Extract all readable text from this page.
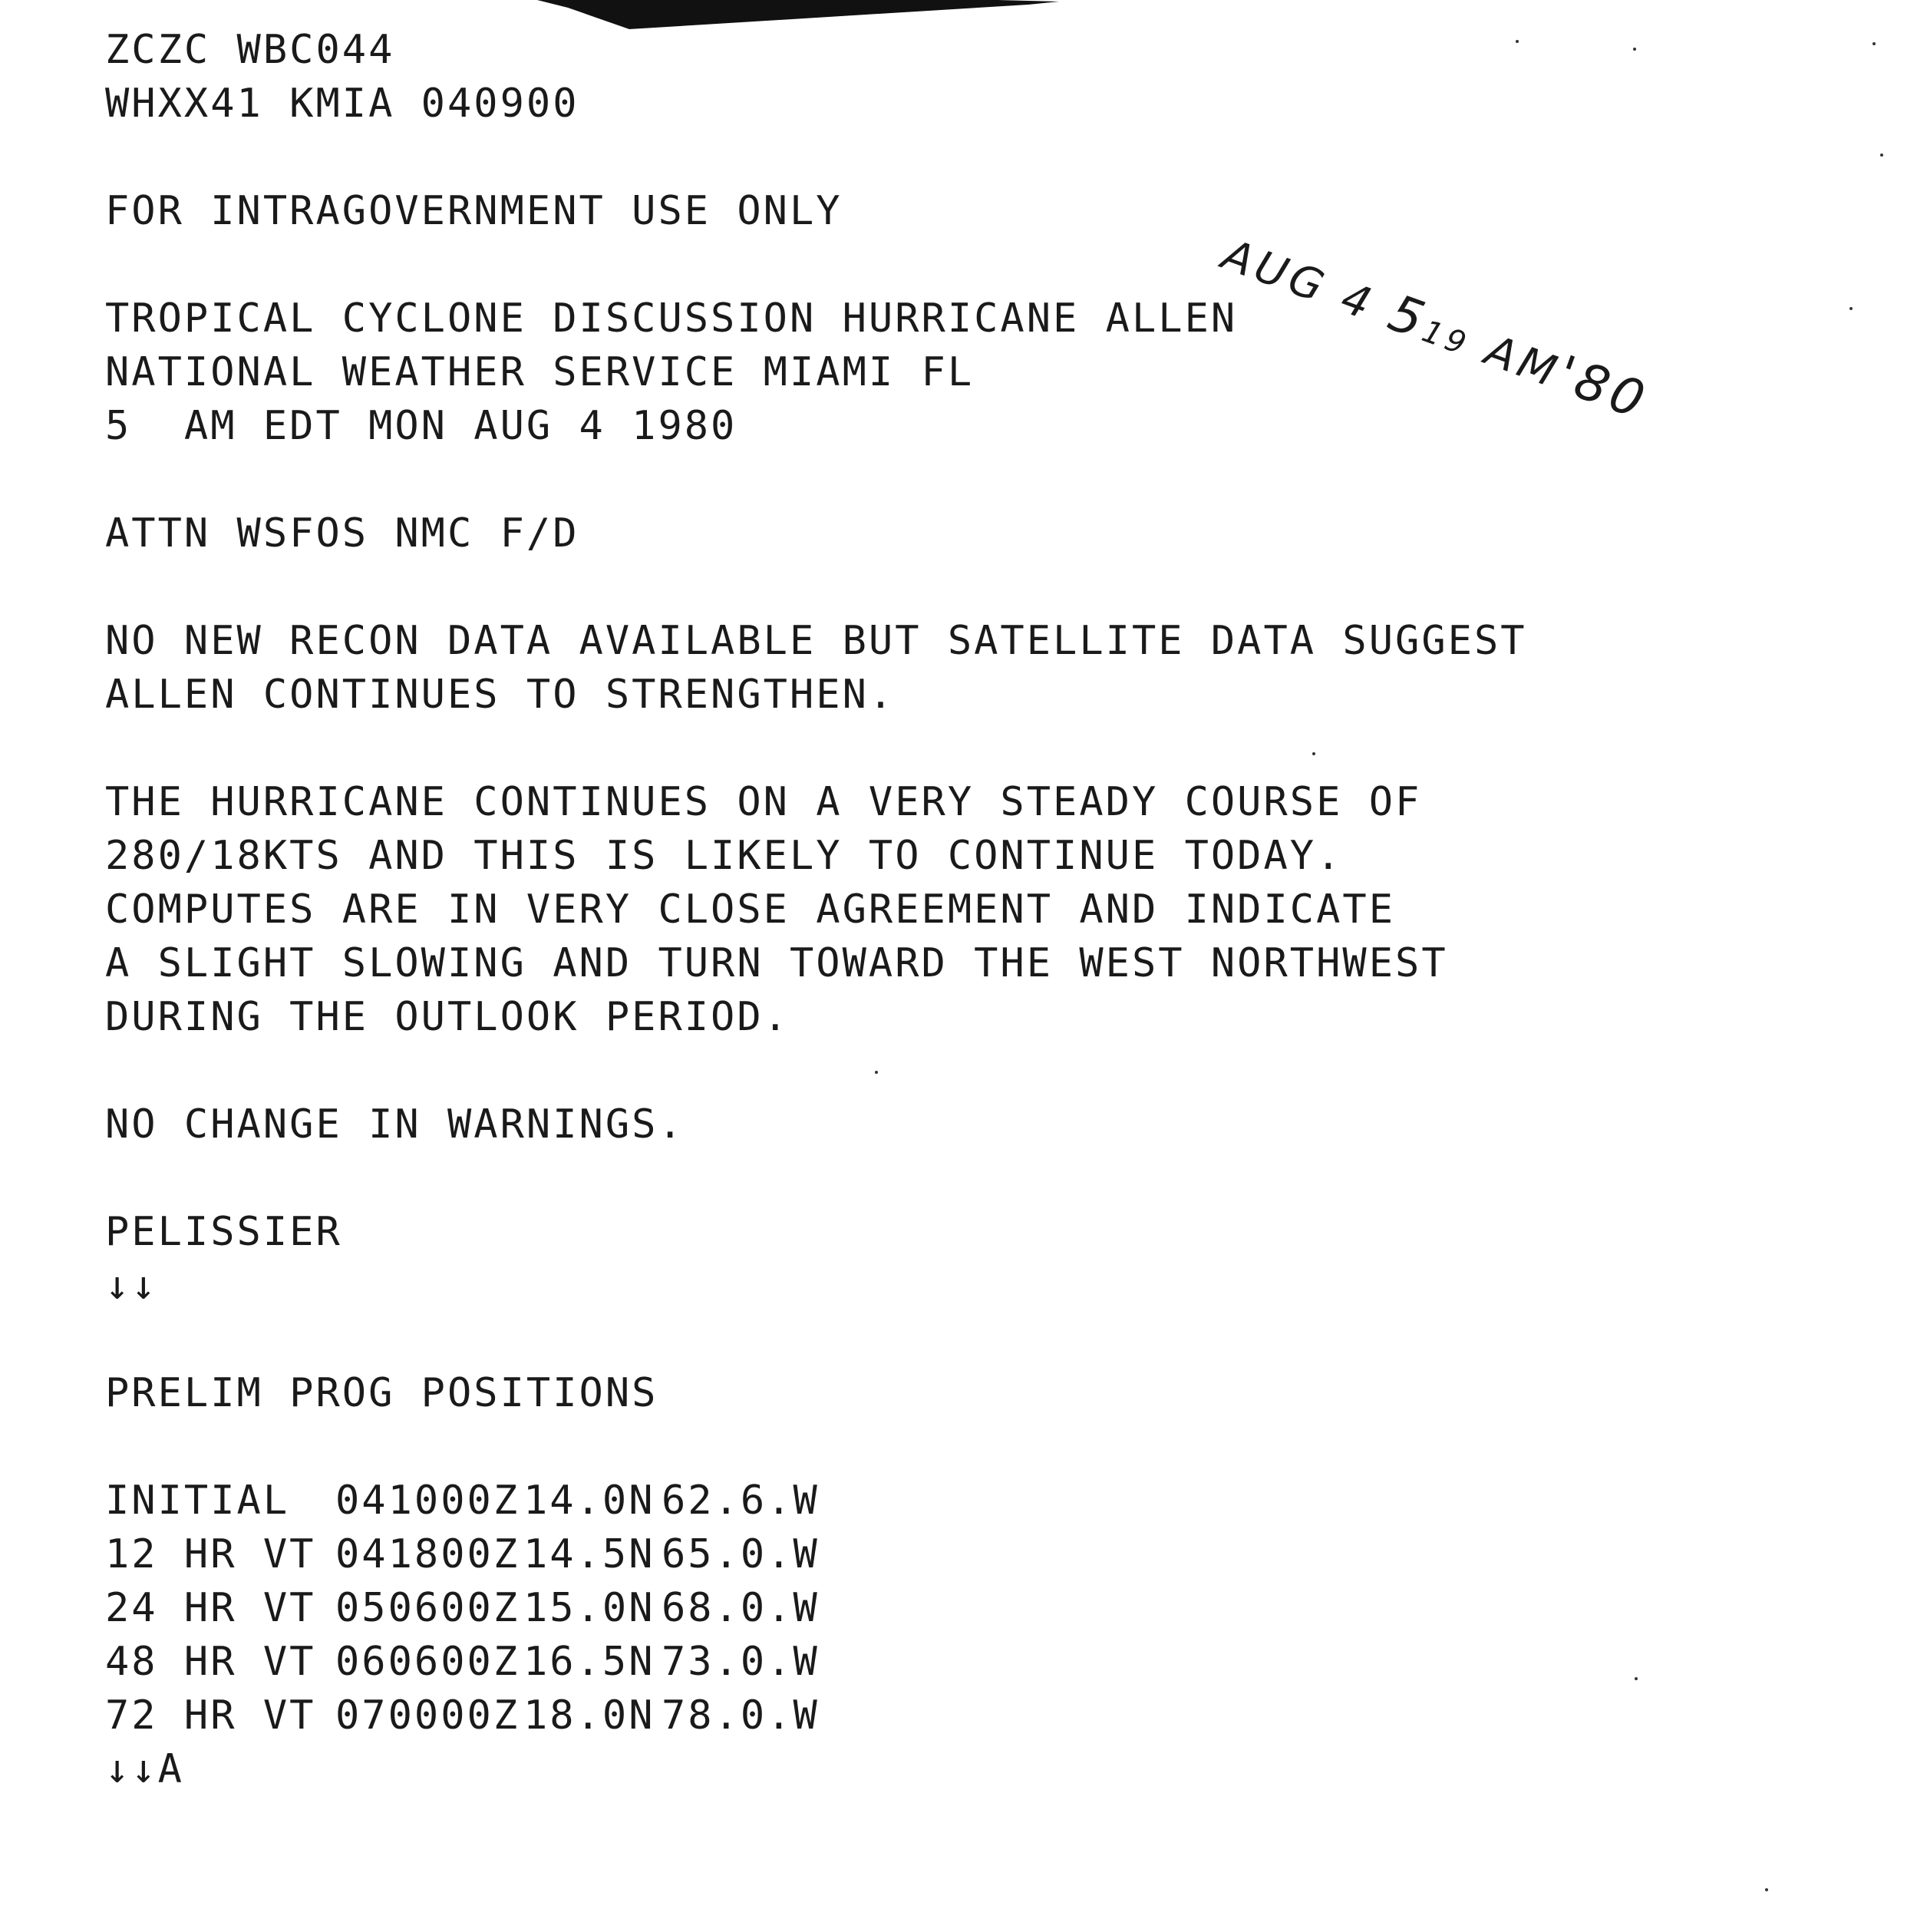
ZCZC WBC044
WHXX41 KMIA 040900
FOR INTRAGOVERNMENT USE ONLY
TROPICAL CYCLONE DISCUSSION HURRICANE ALLEN
NATIONAL WEATHER SERVICE MIAMI FL
5  AM EDT MON AUG 4 1980
ATTN WSFOS NMC F/D
NO NEW RECON DATA AVAILABLE BUT SATELLITE DATA SUGGEST
ALLEN CONTINUES TO STRENGTHEN.
THE HURRICANE CONTINUES ON A VERY STEADY COURSE OF
280/18KTS AND THIS IS LIKELY TO CONTINUE TODAY.
COMPUTES ARE IN VERY CLOSE AGREEMENT AND INDICATE
A SLIGHT SLOWING AND TURN TOWARD THE WEST NORTHWEST
DURING THE OUTLOOK PERIOD.
NO CHANGE IN WARNINGS.
PELISSIER
↓↓
PRELIM PROG POSITIONS
INITIAL	041000Z	14.0N	62.6.W
12 HR VT	041800Z	14.5N	65.0.W
24 HR VT	050600Z	15.0N	68.0.W
48 HR VT	060600Z	16.5N	73.0.W
72 HR VT	070000Z	18.0N	78.0.W
↓↓A
AUG 4 519 AM'80
